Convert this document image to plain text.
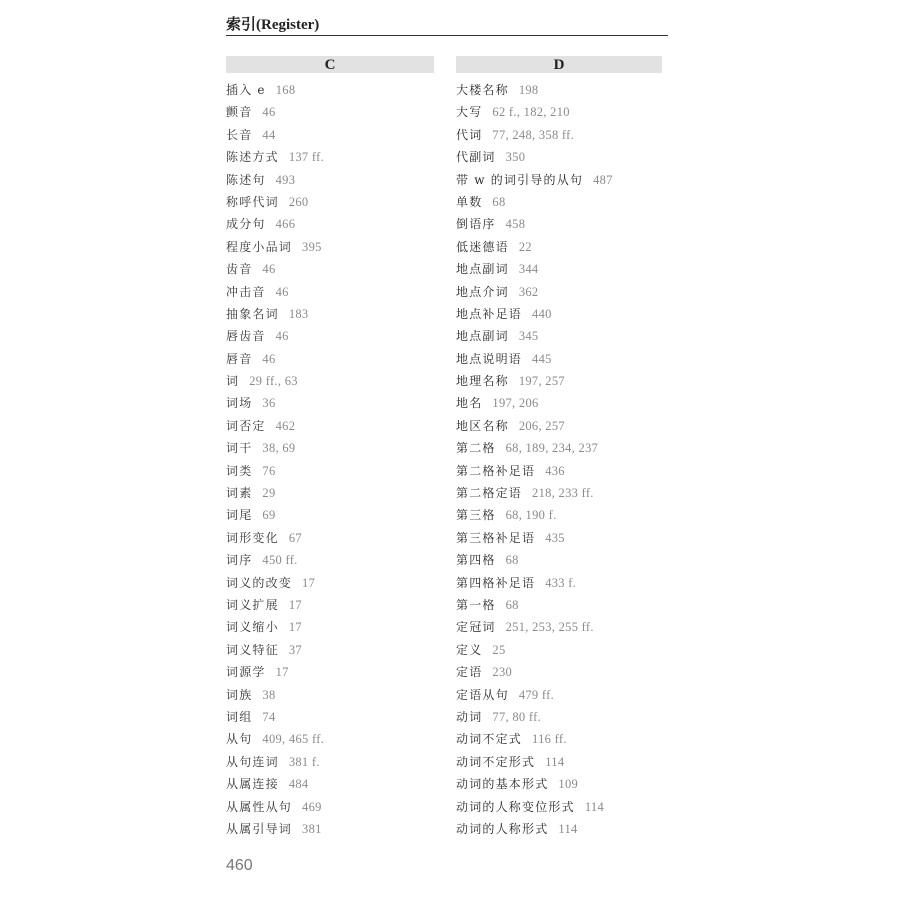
索引(Register)
C
插入 e 168
颤音 46
长音 44
陈述方式 137 ff.
陈述句 493
称呼代词 260
成分句 466
程度小品词 395
齿音 46
冲击音 46
抽象名词 183
唇齿音 46
唇音 46
词 29 ff., 63
词场 36
词否定 462
词干 38, 69
词类 76
词素 29
词尾 69
词形变化 67
词序 450 ff.
词义的改变 17
词义扩展 17
词义缩小 17
词义特征 37
词源学 17
词族 38
词组 74
从句 409, 465 ff.
从句连词 381 f.
从属连接 484
从属性从句 469
从属引导词 381
D
大楼名称 198
大写 62 f., 182, 210
代词 77, 248, 358 ff.
代副词 350
带 w 的词引导的从句 487
单数 68
倒语序 458
低迷德语 22
地点副词 344
地点介词 362
地点补足语 440
地点副词 345
地点说明语 445
地理名称 197, 257
地名 197, 206
地区名称 206, 257
第二格 68, 189, 234, 237
第二格补足语 436
第二格定语 218, 233 ff.
第三格 68, 190 f.
第三格补足语 435
第四格 68
第四格补足语 433 f.
第一格 68
定冠词 251, 253, 255 ff.
定义 25
定语 230
定语从句 479 ff.
动词 77, 80 ff.
动词不定式 116 ff.
动词不定形式 114
动词的基本形式 109
动词的人称变位形式 114
动词的人称形式 114
460
